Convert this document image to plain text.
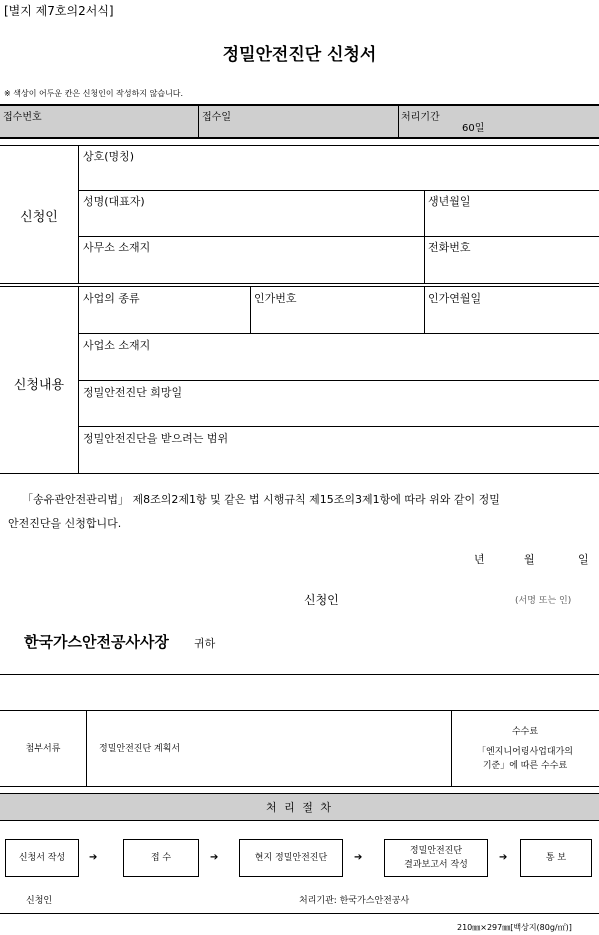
[별지 제7호의2서식]
정밀안전진단 신청서
※ 색상이 어두운 칸은 신청인이 작성하지 않습니다.
접수번호	접수일	처리기간
60일
신청인
상호(명칭)
성명(대표자)	생년월일
사무소 소재지	전화번호
신청내용
사업의 종류	인가번호	인가연월일
사업소 소재지
정밀안전진단 희망일
정밀안전진단을 받으려는 범위
「송유관안전관리법」 제8조의2제1항 및 같은 법 시행규칙 제15조의3제1항에 따라 위와 같이 정밀
안전진단을 신청합니다.
년	월	일
신청인	(서명 또는 인)
한국가스안전공사사장 귀하
첨부서류	정밀안전진단 계획서
수수료
「엔지니어링사업대가의
기준」에 따른 수수료
처 리 절 차
신청서 작성 ➔	접 수	➔	현지 정밀안전진단	➔
정밀안전진단
결과보고서 작성
➔	통 보
신청인	처리기관: 한국가스안전공사
210㎜×297㎜[백상지(80g/㎡)]
